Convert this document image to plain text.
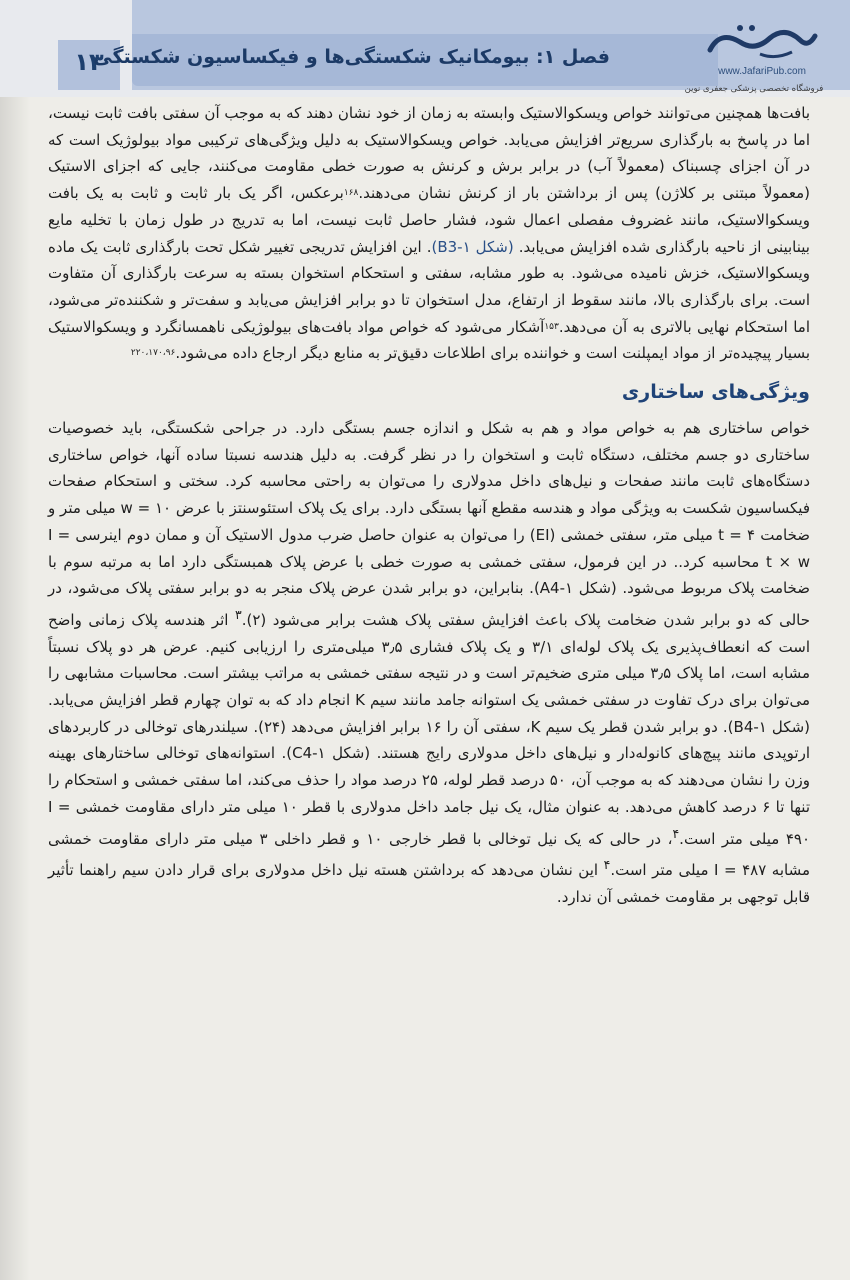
۱۳
فصل ۱: بیومکانیک شکستگی‌ها و فیکساسیون شکستگی
www.JafariPub.com
فروشگاه تخصصی پزشکی جعفری نوین

بافت‌ها همچنین می‌توانند خواص ویسکوالاستیک وابسته به زمان از خود نشان دهند که به موجب آن سفتی بافت ثابت نیست، اما در پاسخ به بارگذاری سریع‌تر افزایش می‌یابد. خواص ویسکوالاستیک به دلیل ویژگی‌های ترکیبی مواد بیولوژیک است که در آن اجزای چسبناک (معمولاً آب) در برابر برش و کرنش به صورت خطی مقاومت می‌کنند، جایی که اجزای الاستیک (معمولاً مبتنی بر کلاژن) پس از برداشتن بار از کرنش نشان می‌دهند.$^{۱۶۸}$برعکس، اگر یک بار ثابت و ثابت به یک بافت ویسکوالاستیک، مانند غضروف مفصلی اعمال شود، فشار حاصل ثابت نیست، اما به تدریج در طول زمان با تخلیه مایع بینابینی از ناحیه بارگذاری شده افزایش می‌یابد. (شکل B3-۱). این افزایش تدریجی تغییر شکل تحت بارگذاری ثابت یک ماده ویسکوالاستیک، خزش نامیده می‌شود. به طور مشابه، سفتی و استحکام استخوان بسته به سرعت بارگذاری آن متفاوت است. برای بارگذاری بالا، مانند سقوط از ارتفاع، مدل استخوان تا دو برابر افزایش می‌یابد و سفت‌تر و شکننده‌تر می‌شود، اما استحکام نهایی بالاتری به آن می‌دهد.$^{۱۵۳}$آشکار می‌شود که خواص مواد بافت‌های بیولوژیکی ناهمسانگرد و ویسکوالاستیک بسیار پیچیده‌تر از مواد ایمپلنت است و خواننده برای اطلاعات دقیق‌تر به منابع دیگر ارجاع داده می‌شود.$^{۲۲۰،۱۷۰،۹۶}$

ویژگی‌های ساختاری

خواص ساختاری هم به خواص مواد و هم به شکل و اندازه جسم بستگی دارد. در جراحی شکستگی، باید خصوصیات ساختاری دو جسم مختلف، دستگاه ثابت و استخوان را در نظر گرفت. به دلیل هندسه نسبتا ساده آنها، خواص ساختاری دستگاه‌های ثابت مانند صفحات و نیل‌های داخل مدولاری را می‌توان به راحتی محاسبه کرد. سختی و استحکام صفحات فیکساسیون شکست به ویژگی مواد و هندسه مقطع آنها بستگی دارد. برای یک پلاک استئوسنتز با عرض w = ۱۰ میلی متر و ضخامت t = ۴ میلی متر، سفتی خمشی (EI) را می‌توان به عنوان حاصل ضرب مدول الاستیک آن و ممان دوم اینرسی I = t × w محاسبه کرد.. در این فرمول، سفتی خمشی به صورت خطی با عرض پلاک همبستگی دارد اما به مرتبه سوم با ضخامت پلاک مربوط می‌شود. (شکل A4-۱). بنابراین، دو برابر شدن عرض پلاک منجر به دو برابر سفتی پلاک می‌شود، در حالی که دو برابر شدن ضخامت پلاک باعث افزایش سفتی پلاک هشت برابر می‌شود (۲).$^۳$ اثر هندسه پلاک زمانی واضح است که انعطاف‌پذیری یک پلاک لوله‌ای ۳/۱ و یک پلاک فشاری ۳٫۵ میلی‌متری را ارزیابی کنیم. عرض هر دو پلاک نسبتاً مشابه است، اما پلاک ۳٫۵ میلی متری ضخیم‌تر است و در نتیجه سفتی خمشی به مراتب بیشتر است. محاسبات مشابهی را می‌توان برای درک تفاوت در سفتی خمشی یک استوانه جامد مانند سیم K انجام داد که به توان چهارم قطر افزایش می‌یابد. (شکل B4-۱). دو برابر شدن قطر یک سیم K، سفتی آن را ۱۶ برابر افزایش می‌دهد (۲۴). سیلندرهای توخالی در کاربردهای ارتوپدی مانند پیچ‌های کانوله‌دار و نیل‌های داخل مدولاری رایج هستند. (شکل C4-۱). استوانه‌های توخالی ساختارهای بهینه وزن را نشان می‌دهند که به موجب آن، ۵۰ درصد قطر لوله، ۲۵ درصد مواد را حذف می‌کند، اما سفتی خمشی و استحکام را تنها تا ۶ درصد کاهش می‌دهد. به عنوان مثال، یک نیل جامد داخل مدولاری با قطر ۱۰ میلی متر دارای مقاومت خمشی I = ۴۹۰ میلی متر است.$^۴$، در حالی که یک نیل توخالی با قطر خارجی ۱۰ و قطر داخلی ۳ میلی متر دارای مقاومت خمشی مشابه I = ۴۸۷ میلی متر است.$^۴$ این نشان می‌دهد که برداشتن هسته نیل داخل مدولاری برای قرار دادن سیم راهنما تأثیر قابل توجهی بر مقاومت خمشی آن ندارد.
